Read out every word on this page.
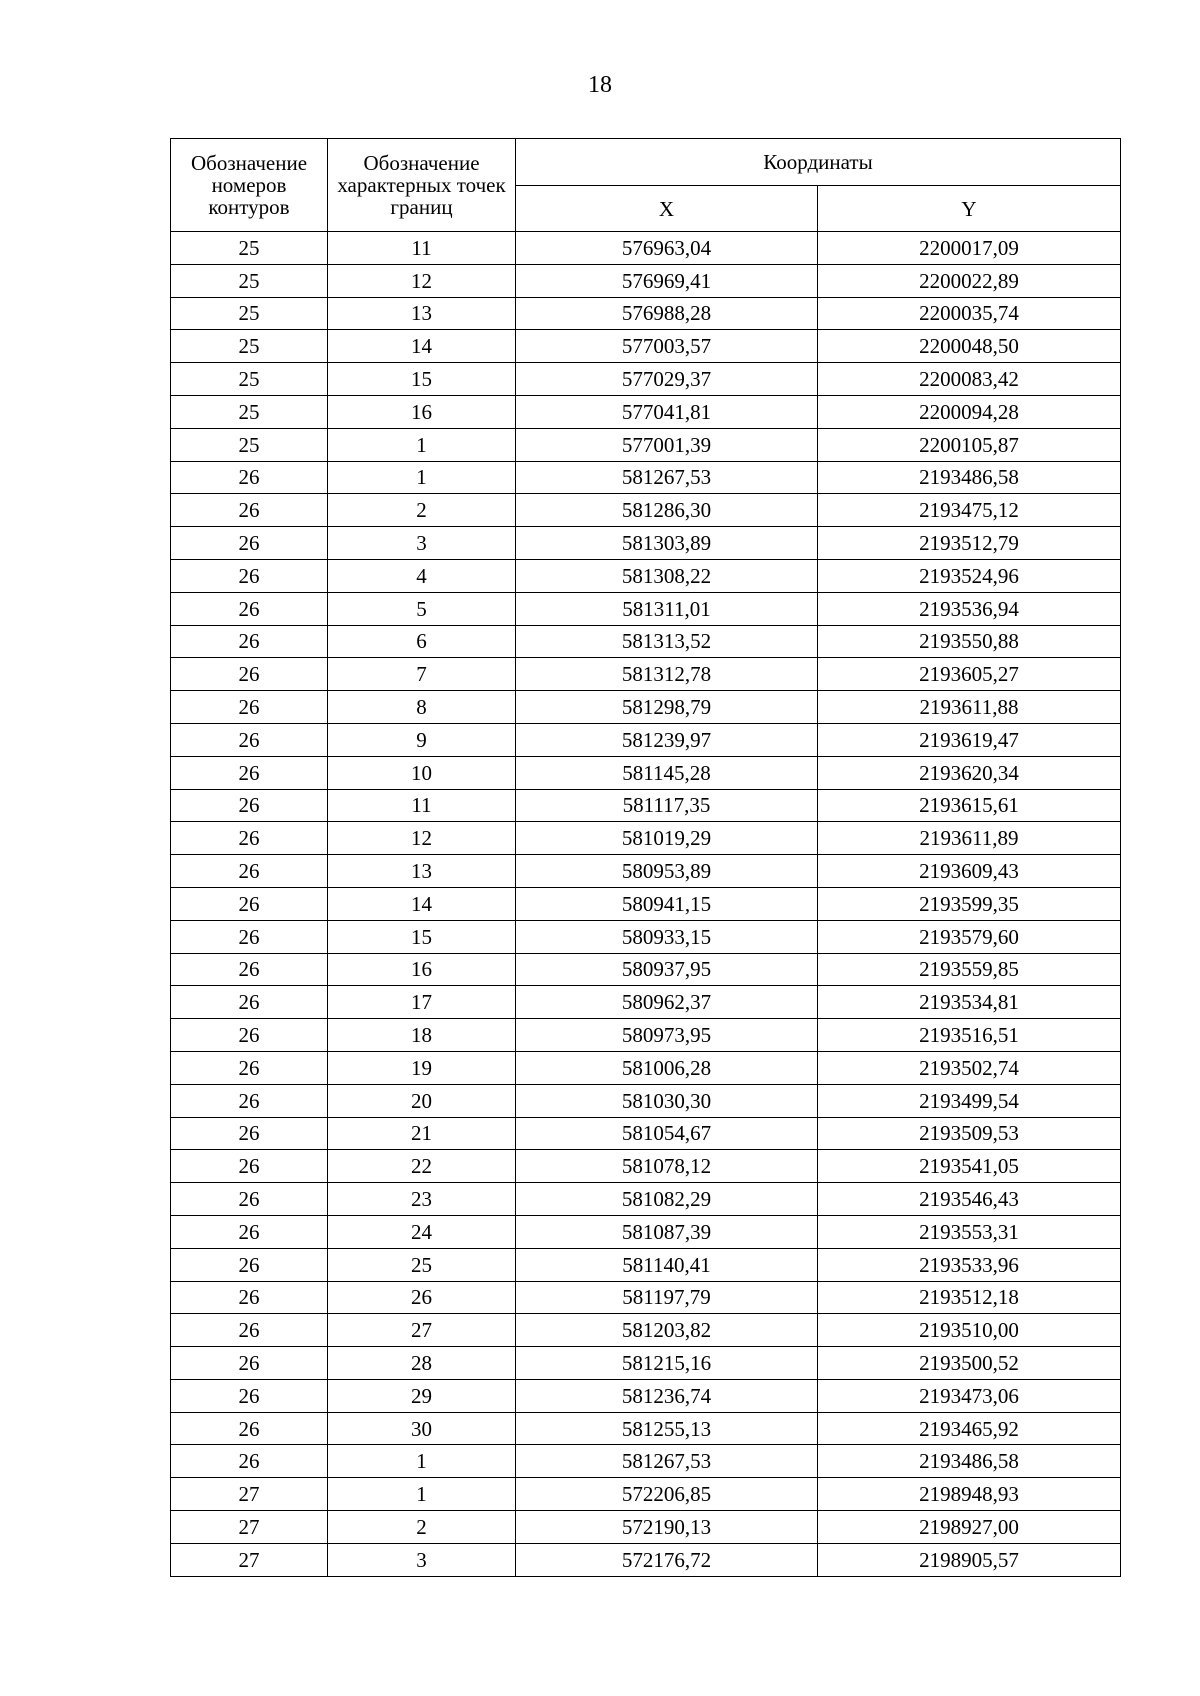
18
Обозначение номеров контуров	Обозначение характерных точек границ	Координаты	
		X	Y
25	11	576963,04	2200017,09
25	12	576969,41	2200022,89
25	13	576988,28	2200035,74
25	14	577003,57	2200048,50
25	15	577029,37	2200083,42
25	16	577041,81	2200094,28
25	1	577001,39	2200105,87
26	1	581267,53	2193486,58
26	2	581286,30	2193475,12
26	3	581303,89	2193512,79
26	4	581308,22	2193524,96
26	5	581311,01	2193536,94
26	6	581313,52	2193550,88
26	7	581312,78	2193605,27
26	8	581298,79	2193611,88
26	9	581239,97	2193619,47
26	10	581145,28	2193620,34
26	11	581117,35	2193615,61
26	12	581019,29	2193611,89
26	13	580953,89	2193609,43
26	14	580941,15	2193599,35
26	15	580933,15	2193579,60
26	16	580937,95	2193559,85
26	17	580962,37	2193534,81
26	18	580973,95	2193516,51
26	19	581006,28	2193502,74
26	20	581030,30	2193499,54
26	21	581054,67	2193509,53
26	22	581078,12	2193541,05
26	23	581082,29	2193546,43
26	24	581087,39	2193553,31
26	25	581140,41	2193533,96
26	26	581197,79	2193512,18
26	27	581203,82	2193510,00
26	28	581215,16	2193500,52
26	29	581236,74	2193473,06
26	30	581255,13	2193465,92
26	1	581267,53	2193486,58
27	1	572206,85	2198948,93
27	2	572190,13	2198927,00
27	3	572176,72	2198905,57
